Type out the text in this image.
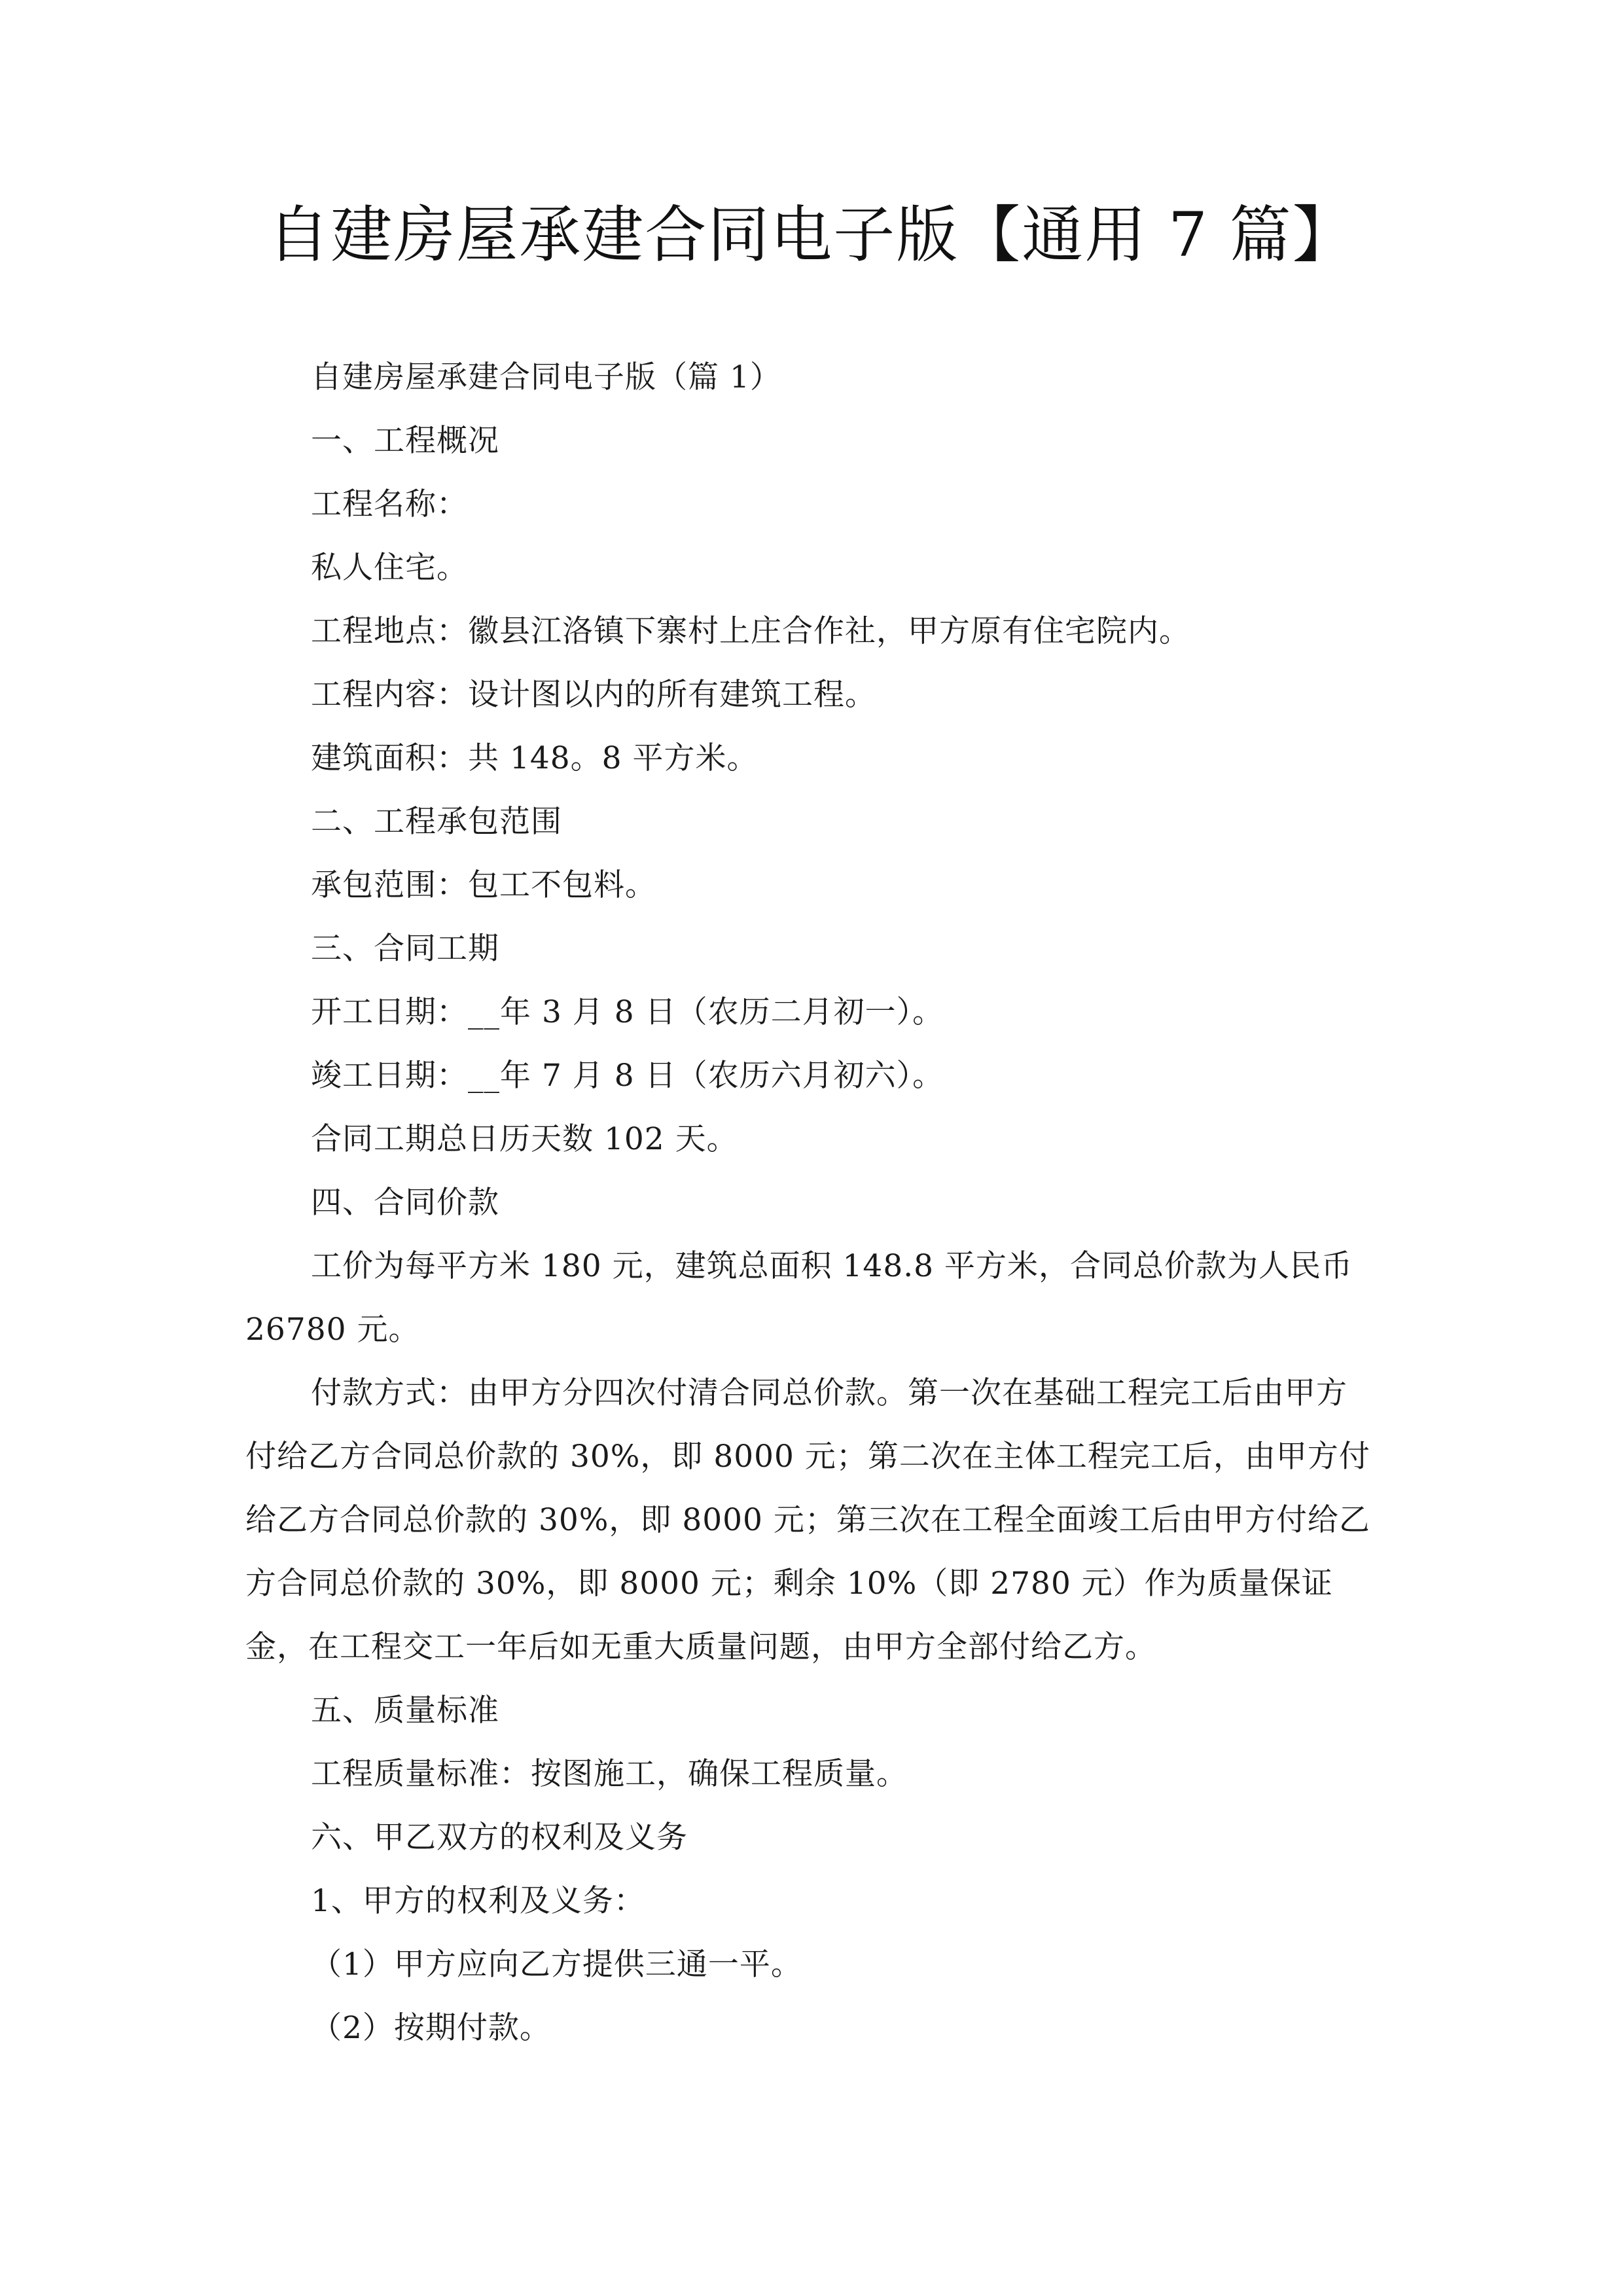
自建房屋承建合同电子版【通用 7 篇】

自建房屋承建合同电子版（篇 1）

一、工程概况

工程名称：

私人住宅。

工程地点：徽县江洛镇下寨村上庄合作社，甲方原有住宅院内。

工程内容：设计图以内的所有建筑工程。

建筑面积：共 148。8 平方米。

二、工程承包范围

承包范围：包工不包料。

三、合同工期

开工日期：__年 3 月 8 日（农历二月初一）。

竣工日期：__年 7 月 8 日（农历六月初六）。

合同工期总日历天数 102 天。

四、合同价款

工价为每平方米 180 元，建筑总面积 148.8 平方米，合同总价款为人民币 26780 元。

付款方式：由甲方分四次付清合同总价款。第一次在基础工程完工后由甲方付给乙方合同总价款的 30%，即 8000 元；第二次在主体工程完工后，由甲方付给乙方合同总价款的 30%，即 8000 元；第三次在工程全面竣工后由甲方付给乙方合同总价款的 30%，即 8000 元；剩余 10%（即 2780 元）作为质量保证金，在工程交工一年后如无重大质量问题，由甲方全部付给乙方。

五、质量标准

工程质量标准：按图施工，确保工程质量。

六、甲乙双方的权利及义务

1、甲方的权利及义务：

（1）甲方应向乙方提供三通一平。

（2）按期付款。
